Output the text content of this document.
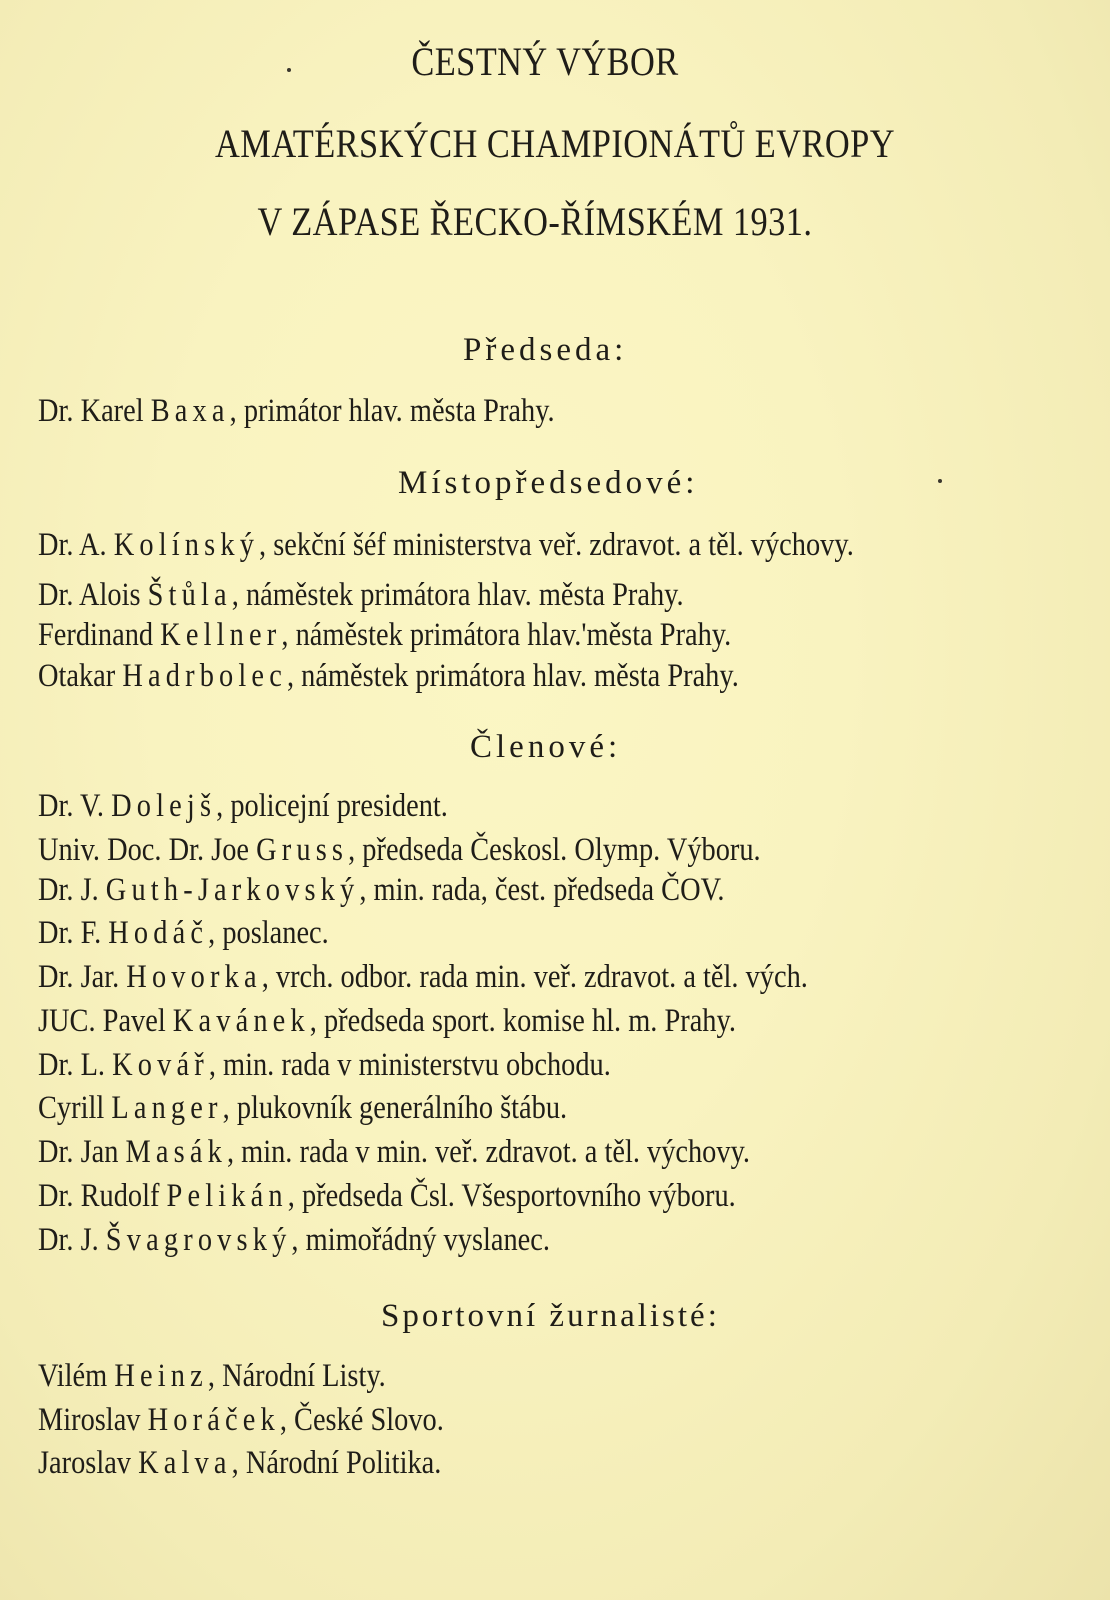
ČESTNÝ VÝBOR
AMATÉRSKÝCH CHAMPIONÁTŮ EVROPY
V ZÁPASE ŘECKO-ŘÍMSKÉM 1931.
Předseda:
Dr. Karel Baxa, primátor hlav. města Prahy.
Místopředsedové:
Dr. A. Kolínský, sekční šéf ministerstva veř. zdravot. a těl. výchovy.
Dr. Alois Štůla, náměstek primátora hlav. města Prahy.
Ferdinand Kellner, náměstek primátora hlav.'města Prahy.
Otakar Hadrbolec, náměstek primátora hlav. města Prahy.
Členové:
Dr. V. Dolejš, policejní president.
Univ. Doc. Dr. Joe Gruss, předseda Českosl. Olymp. Výboru.
Dr. J. Guth-Jarkovský, min. rada, čest. předseda ČOV.
Dr. F. Hodáč, poslanec.
Dr. Jar. Hovorka, vrch. odbor. rada min. veř. zdravot. a těl. vých.
JUC. Pavel Kavánek, předseda sport. komise hl. m. Prahy.
Dr. L. Kovář, min. rada v ministerstvu obchodu.
Cyrill Langer, plukovník generálního štábu.
Dr. Jan Masák, min. rada v min. veř. zdravot. a těl. výchovy.
Dr. Rudolf Pelikán, předseda Čsl. Všesportovního výboru.
Dr. J. Švagrovský, mimořádný vyslanec.
Sportovní žurnalisté:
Vilém Heinz, Národní Listy.
Miroslav Horáček, České Slovo.
Jaroslav Kalva, Národní Politika.
